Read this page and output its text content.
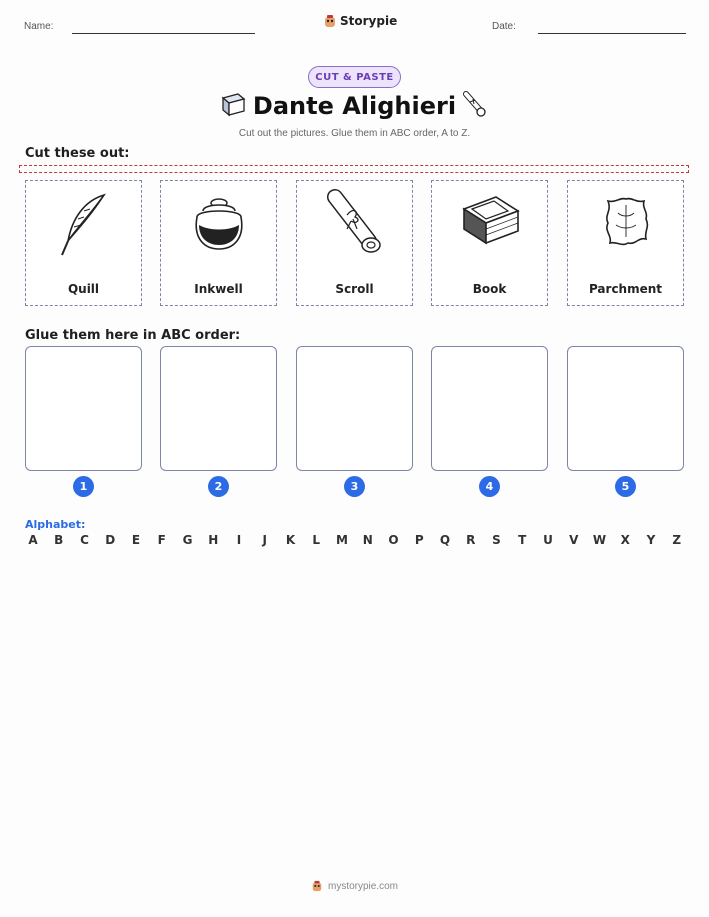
Name:	Storypie	Date:
CUT & PASTE
Dante Alighieri
Cut out the pictures. Glue them in ABC order, A to Z.
Cut these out:
Quill	Inkwell	Scroll	Book	Parchment
Glue them here in ABC order:
1	2	3	4	5
Alphabet:
A B C D	E	F	G H	I	J	K	L	M N O P	Q R	S	T	U V W X	Y	Z
mystorypie.com
